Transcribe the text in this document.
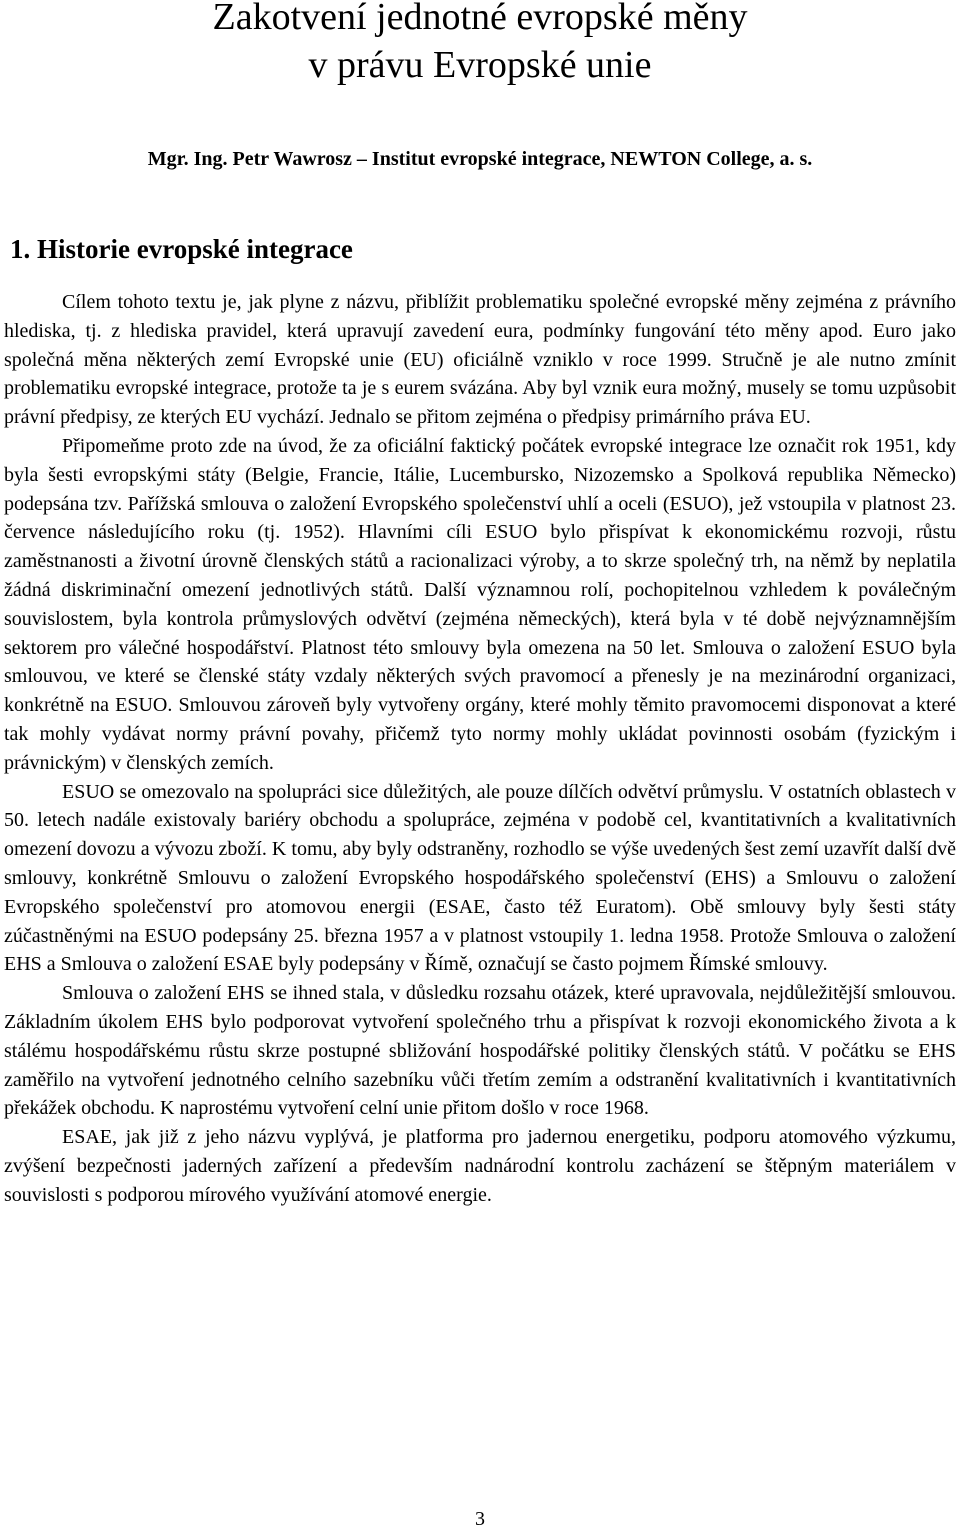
Zakotvení jednotné evropské měny
v právu Evropské unie
Mgr. Ing. Petr Wawrosz – Institut evropské integrace, NEWTON College, a. s.
1. Historie evropské integrace

Cílem tohoto textu je, jak plyne z názvu, přiblížit problematiku společné evropské měny zejména z právního hlediska, tj. z hlediska pravidel, která upravují zavedení eura, podmínky fungování této měny apod. Euro jako společná měna některých zemí Evropské unie (EU) oficiálně vzniklo v roce 1999. Stručně je ale nutno zmínit problematiku evropské integrace, protože ta je s eurem svázána. Aby byl vznik eura možný, musely se tomu uzpůsobit právní předpisy, ze kterých EU vychází. Jednalo se přitom zejména o předpisy primárního práva EU.

Připomeňme proto zde na úvod, že za oficiální faktický počátek evropské integrace lze označit rok 1951, kdy byla šesti evropskými státy (Belgie, Francie, Itálie, Lucembursko, Nizozemsko a Spolková republika Německo) podepsána tzv. Pařížská smlouva o založení Evropského společenství uhlí a oceli (ESUO), jež vstoupila v platnost 23. července následujícího roku (tj. 1952). Hlavními cíli ESUO bylo přispívat k ekonomickému rozvoji, růstu zaměstnanosti a životní úrovně členských států a racionalizaci výroby, a to skrze společný trh, na němž by neplatila žádná diskriminační omezení jednotlivých států. Další významnou rolí, pochopitelnou vzhledem k poválečným souvislostem, byla kontrola průmyslových odvětví (zejména německých), která byla v té době nejvýznamnějším sektorem pro válečné hospodářství. Platnost této smlouvy byla omezena na 50 let. Smlouva o založení ESUO byla smlouvou, ve které se členské státy vzdaly některých svých pravomocí a přenesly je na mezinárodní organizaci, konkrétně na ESUO. Smlouvou zároveň byly vytvořeny orgány, které mohly těmito pravomocemi disponovat a které tak mohly vydávat normy právní povahy, přičemž tyto normy mohly ukládat povinnosti osobám (fyzickým i právnickým) v členských zemích.

ESUO se omezovalo na spolupráci sice důležitých, ale pouze dílčích odvětví průmyslu. V ostatních oblastech v 50. letech nadále existovaly bariéry obchodu a spolupráce, zejména v podobě cel, kvantitativních a kvalitativních omezení dovozu a vývozu zboží. K tomu, aby byly odstraněny, rozhodlo se výše uvedených šest zemí uzavřít další dvě smlouvy, konkrétně Smlouvu o založení Evropského hospodářského společenství (EHS) a Smlouvu o založení Evropského společenství pro atomovou energii (ESAE, často též Euratom). Obě smlouvy byly šesti státy zúčastněnými na ESUO podepsány 25. března 1957 a v platnost vstoupily 1. ledna 1958. Protože Smlouva o založení EHS a Smlouva o založení ESAE byly podepsány v Římě, označují se často pojmem Římské smlouvy.

Smlouva o založení EHS se ihned stala, v důsledku rozsahu otázek, které upravovala, nejdůležitější smlouvou. Základním úkolem EHS bylo podporovat vytvoření společného trhu a přispívat k rozvoji ekonomického života a k stálému hospodářskému růstu skrze postupné sbližování hospodářské politiky členských států. V počátku se EHS zaměřilo na vytvoření jednotného celního sazebníku vůči třetím zemím a odstranění kvalitativních i kvantitativních překážek obchodu. K naprostému vytvoření celní unie přitom došlo v roce 1968.

ESAE, jak již z jeho názvu vyplývá, je platforma pro jadernou energetiku, podporu atomového výzkumu, zvýšení bezpečnosti jaderných zařízení a především nadnárodní kontrolu zacházení se štěpným materiálem v souvislosti s podporou mírového využívání atomové energie.

3
